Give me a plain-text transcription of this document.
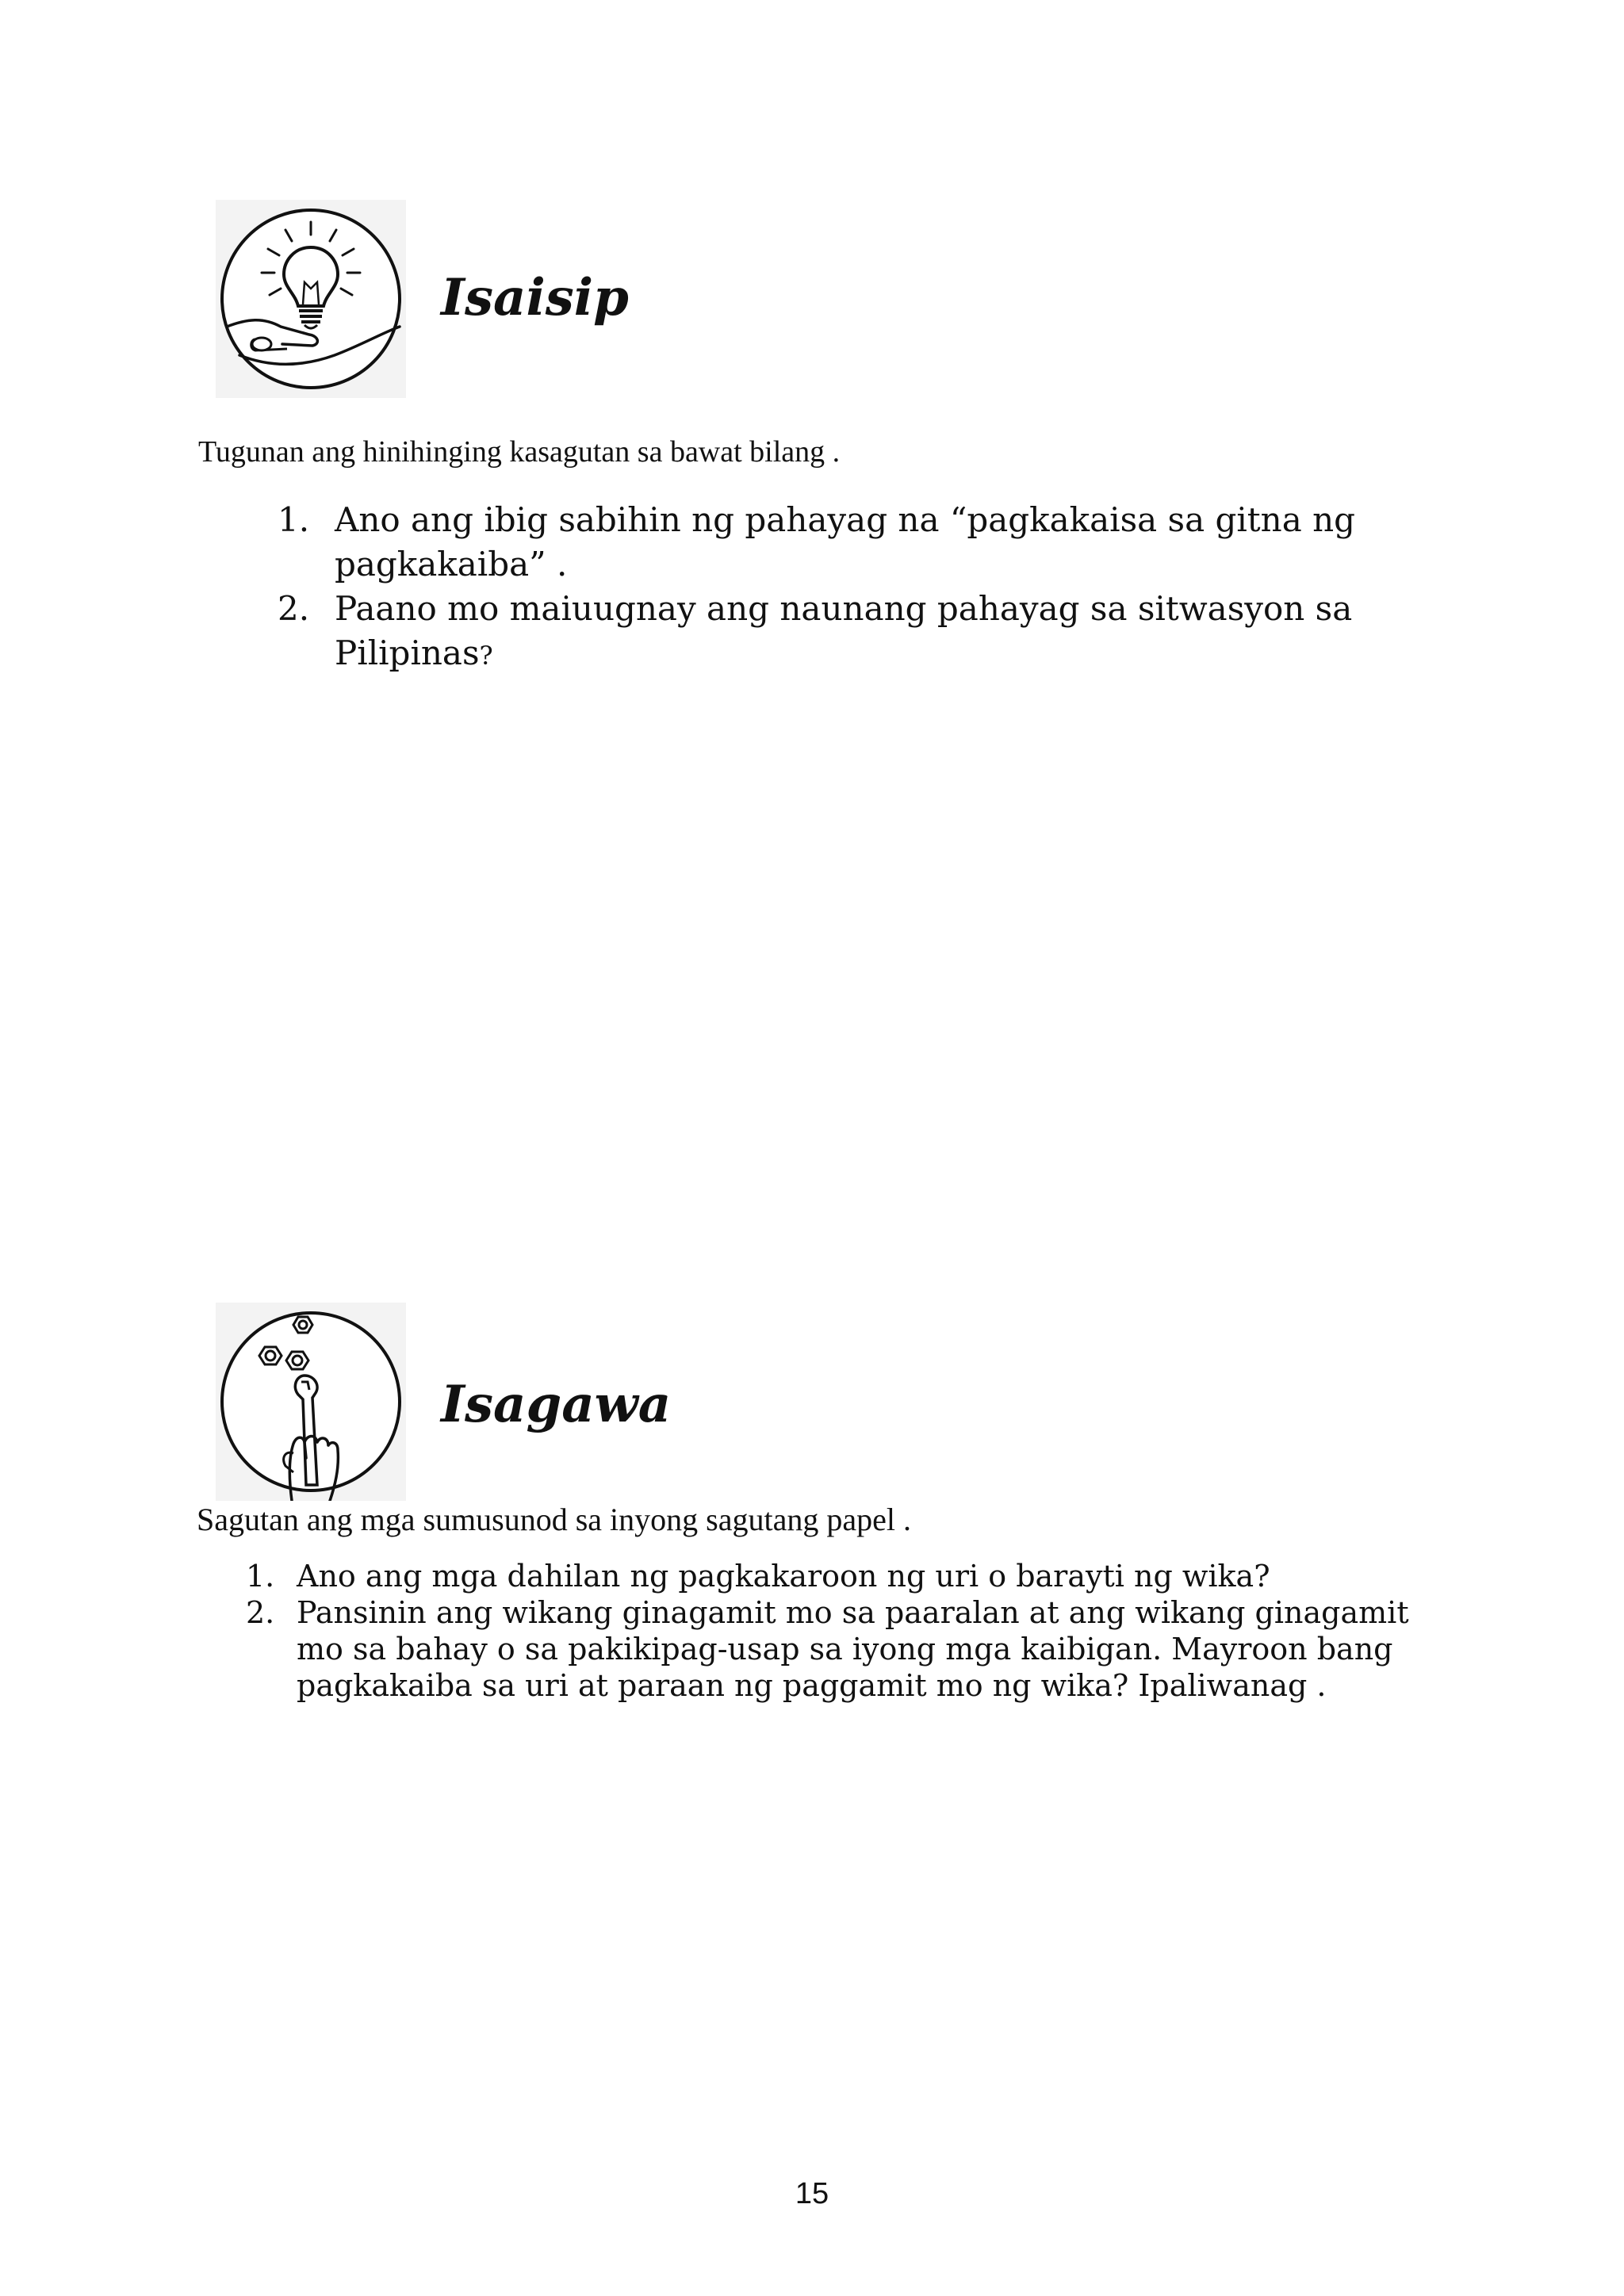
Isaisip

Tugunan ang hinihinging kasagutan sa bawat bilang .

1. Ano ang ibig sabihin ng pahayag na “pagkakaisa sa gitna ng pagkakaiba” .
2. Paano mo maiuugnay ang naunang pahayag sa sitwasyon sa Pilipinas?
Isagawa

Sagutan ang mga sumusunod sa inyong sagutang papel .

1. Ano ang mga dahilan ng pagkakaroon ng uri o barayti ng wika?
2. Pansinin ang wikang ginagamit mo sa paaralan at ang wikang ginagamit mo sa bahay o sa pakikipag-usap sa iyong mga kaibigan. Mayroon bang pagkakaiba sa uri at paraan ng paggamit mo ng wika? Ipaliwanag .
15
